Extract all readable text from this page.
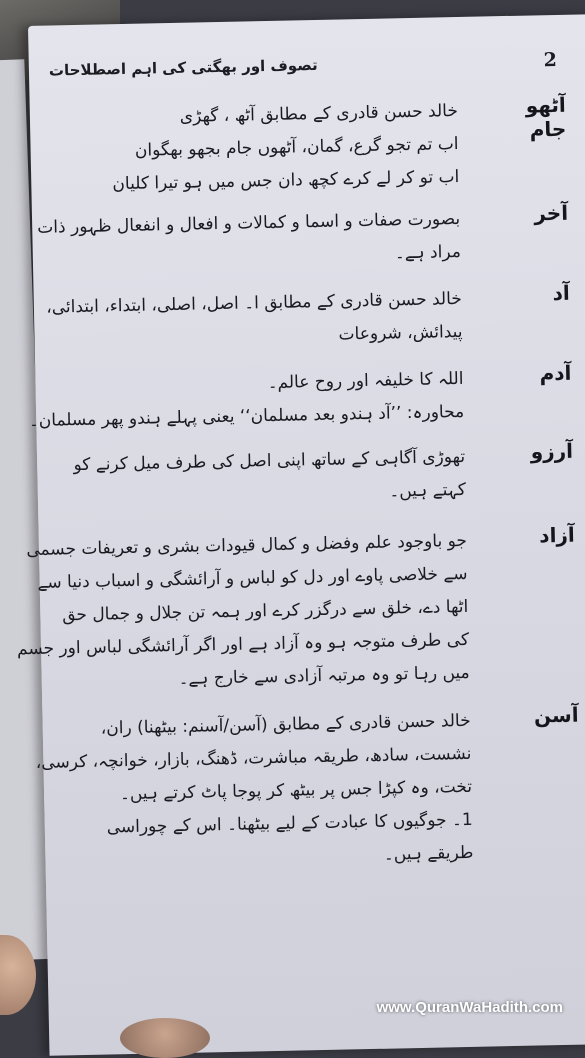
2
تصوف اور بھگتی کی اہم اصطلاحات
آٹھو جام
خالد حسن قادری کے مطابق آٹھ ، گھڑی
اب تم تجو گرع، گمان، آٹھوں جام بجھو بھگوان
اب تو کر لے کرے کچھ دان جس میں ہو تیرا کلیان
آخر
بصورت صفات و اسما و کمالات و افعال و انفعال ظہور ذات
مراد ہے۔
آد
خالد حسن قادری کے مطابق ا۔ اصل، اصلی، ابتداء، ابتدائی،
پیدائش، شروعات
آدم
اللہ کا خلیفہ اور روح عالم۔
محاورہ: ’’آد ہندو بعد مسلمان‘‘ یعنی پہلے ہندو پھر مسلمان۔
آرزو
تھوڑی آگاہی کے ساتھ اپنی اصل کی طرف میل کرنے کو
کہتے ہیں۔
آزاد
جو باوجود علم وفضل و کمال قیودات بشری و تعریفات جسمی
سے خلاصی پاوے اور دل کو لباس و آرائشگی و اسباب دنیا سے
اٹھا دے، خلق سے درگزر کرے اور ہمہ تن جلال و جمال حق
کی طرف متوجہ ہو وہ آزاد ہے اور اگر آرائشگی لباس اور جسم
میں رہا تو وہ مرتبہ آزادی سے خارج ہے۔
آسن
خالد حسن قادری کے مطابق (آسن/آسنم: بیٹھنا) ران،
نشست، سادھ، طریقہ مباشرت، ڈھنگ، بازار، خوانچہ، کرسی،
تخت، وہ کپڑا جس پر بیٹھ کر پوجا پاٹ کرتے ہیں۔
1۔ جوگیوں کا عبادت کے لیے بیٹھنا۔ اس کے چوراسی
طریقے ہیں۔
www.QuranWaHadith.com
